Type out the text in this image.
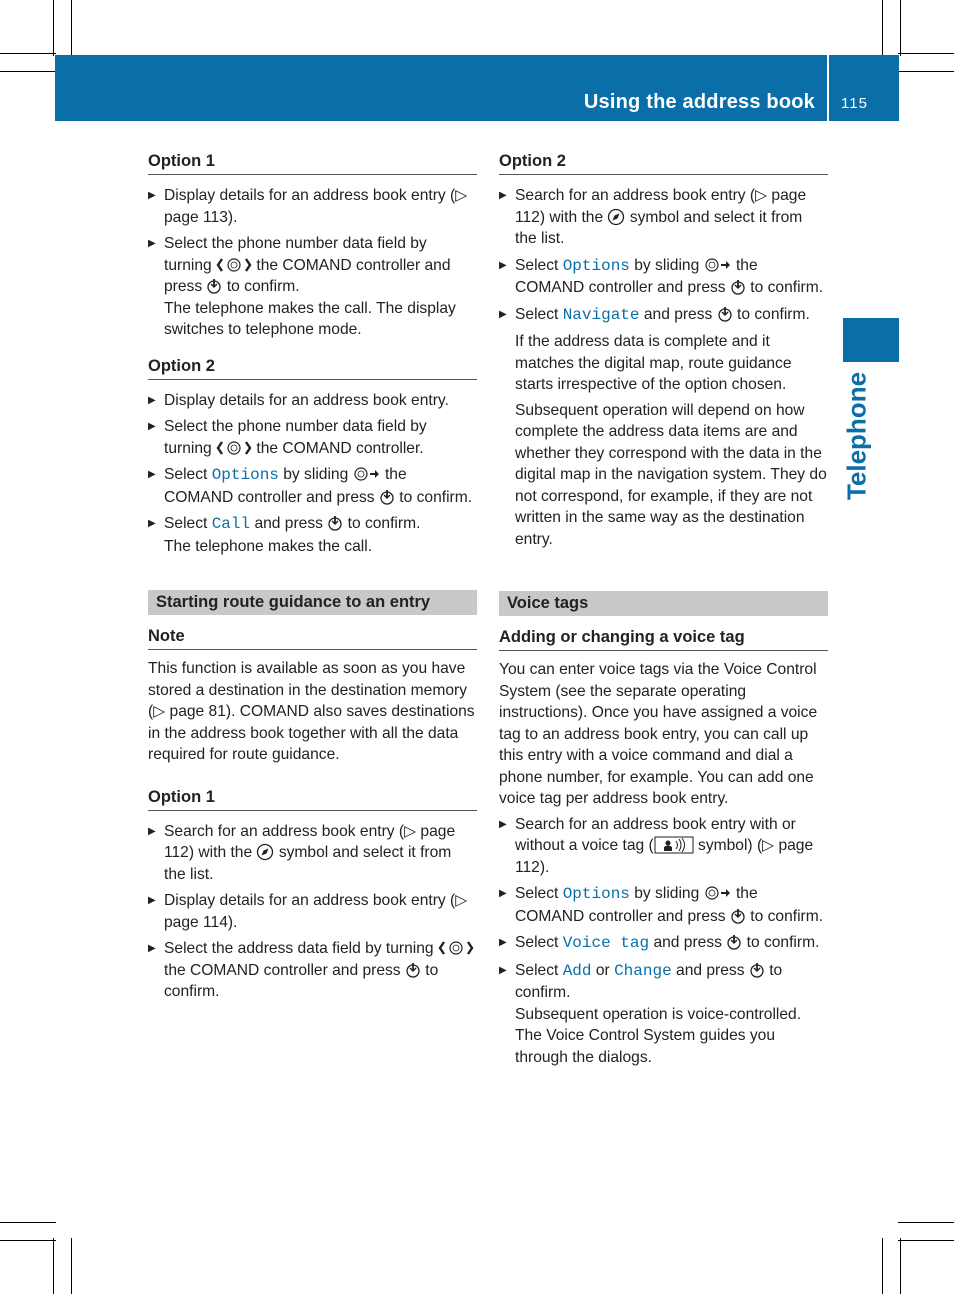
Using the address book 115
Telephone
Option 1
▶ Display details for an address book entry (▷ page 113).
▶ Select the phone number data field by turning	the COMAND controller and press to confirm.
The telephone makes the call. The display switches to telephone mode.
Option 2
▶ Display details for an address book entry.
▶ Select the phone number data field by turning	the COMAND controller.
▶ Select Options by sliding the COMAND controller and press to confirm.
▶ Select Call and press to confirm.
The telephone makes the call.
Starting route guidance to an entry
Note

This function is available as soon as you have stored a destination in the destination memory (▷ page 81). COMAND also saves destinations in the address book together with all the data required for route guidance.

Option 1
▶ Search for an address book entry (▷ page 112) with the symbol and select it from the list.
▶ Display details for an address book entry (▷ page 114).
▶ Select the address data field by turning  the COMAND controller and press to confirm.
Option 2
▶ Search for an address book entry (▷ page 112) with the symbol and select it from the list.
▶ Select Options by sliding the COMAND controller and press to confirm.
▶ Select Navigate and press to confirm.
If the address data is complete and it matches the digital map, route guidance starts irrespective of the option chosen.
Subsequent operation will depend on how complete the address data items are and whether they correspond with the data in the digital map in the navigation system. They do not correspond, for example, if they are not written in the same way as the destination entry.
Voice tags
Adding or changing a voice tag

You can enter voice tags via the Voice Control System (see the separate operating instructions). Once you have assigned a voice tag to an address book entry, you can call up this entry with a voice command and dial a phone number, for example. You can add one voice tag per address book entry.

▶ Search for an address book entry with or without a voice tag (	symbol) (▷ page 112).
▶ Select Options by sliding the COMAND controller and press to confirm.
▶ Select Voice tag and press to confirm.
▶ Select Add or Change and press to confirm.
Subsequent operation is voice-controlled. The Voice Control System guides you through the dialogs.
